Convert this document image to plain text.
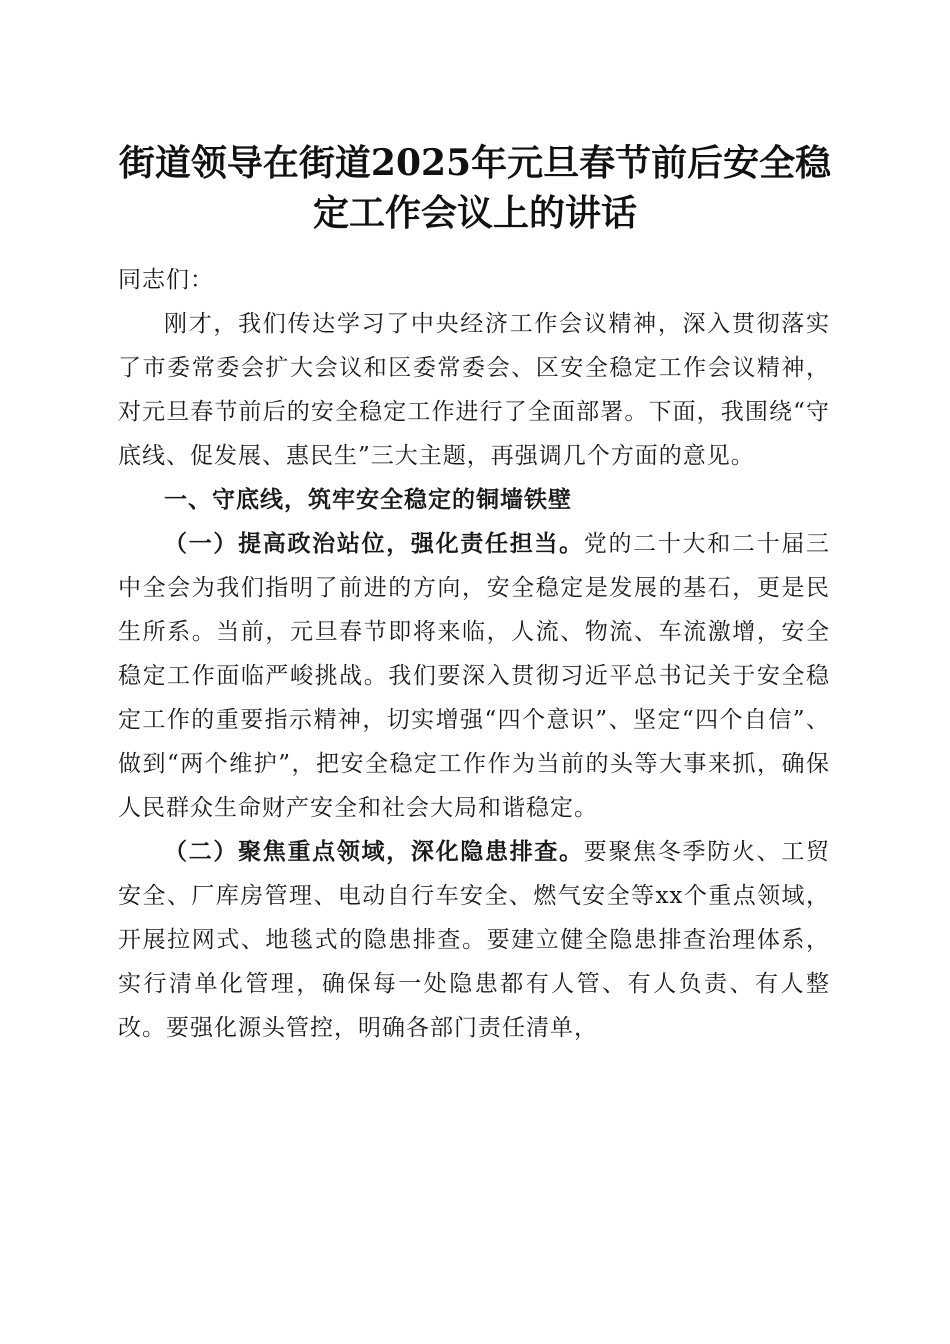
街道领导在街道2025年元旦春节前后安全稳
定工作会议上的讲话

同志们：

刚才，我们传达学习了中央经济工作会议精神，深入贯彻落实了市委常委会扩大会议和区委常委会、区安全稳定工作会议精神，对元旦春节前后的安全稳定工作进行了全面部署。下面，我围绕“守底线、促发展、惠民生”三大主题，再强调几个方面的意见。

一、守底线，筑牢安全稳定的铜墙铁壁

（一）提高政治站位，强化责任担当。党的二十大和二十届三中全会为我们指明了前进的方向，安全稳定是发展的基石，更是民生所系。当前，元旦春节即将来临，人流、物流、车流激增，安全稳定工作面临严峻挑战。我们要深入贯彻习近平总书记关于安全稳定工作的重要指示精神，切实增强“四个意识”、坚定“四个自信”、做到“两个维护”，把安全稳定工作作为当前的头等大事来抓，确保人民群众生命财产安全和社会大局和谐稳定。

（二）聚焦重点领域，深化隐患排查。要聚焦冬季防火、工贸安全、厂库房管理、电动自行车安全、燃气安全等xx个重点领域，开展拉网式、地毯式的隐患排查。要建立健全隐患排查治理体系，实行清单化管理，确保每一处隐患都有人管、有人负责、有人整改。要强化源头管控，明确各部门责任清单，
